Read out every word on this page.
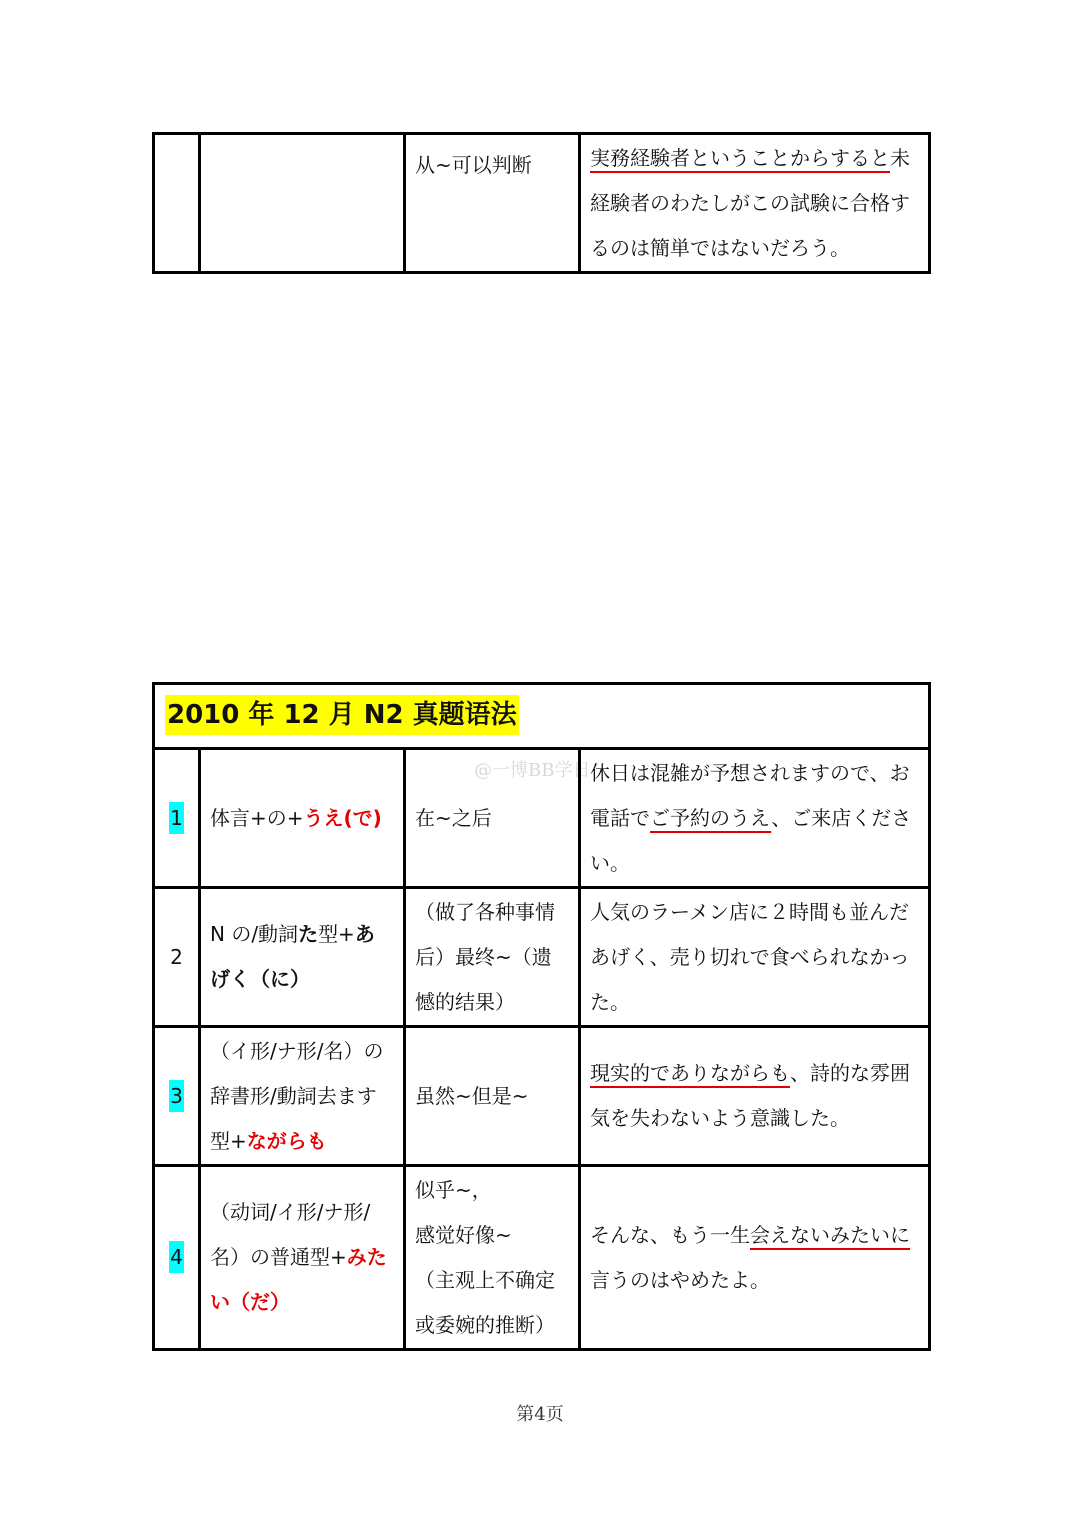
		从~可以判断	実務経験者ということからすると未経験者のわたしがこの試験に合格するのは簡単ではないだろう。
@一博BB学日
2010 年 12 月 N2 真题语法			
1	体言+の+うえ(で)	在~之后	休日は混雑が予想されますので、お電話でご予約のうえ、ご来店ください。
2	N の/動詞た型+あげく（に）	（做了各种事情后）最终~（遗憾的结果）	人気のラーメン店に２時間も並んだあげく、売り切れで食べられなかった。
3	（イ形/ナ形/名）の辞書形/動詞去ます型+ながらも	虽然~但是~	現实的でありながらも、詩的な雰囲気を失わないよう意識した。
4	（动词/イ形/ナ形/名）の普通型+みたい（だ）	似乎~，
感觉好像~
（主观上不确定或委婉的推断）	そんな、もう一生会えないみたいに言うのはやめたよ。
第4页
